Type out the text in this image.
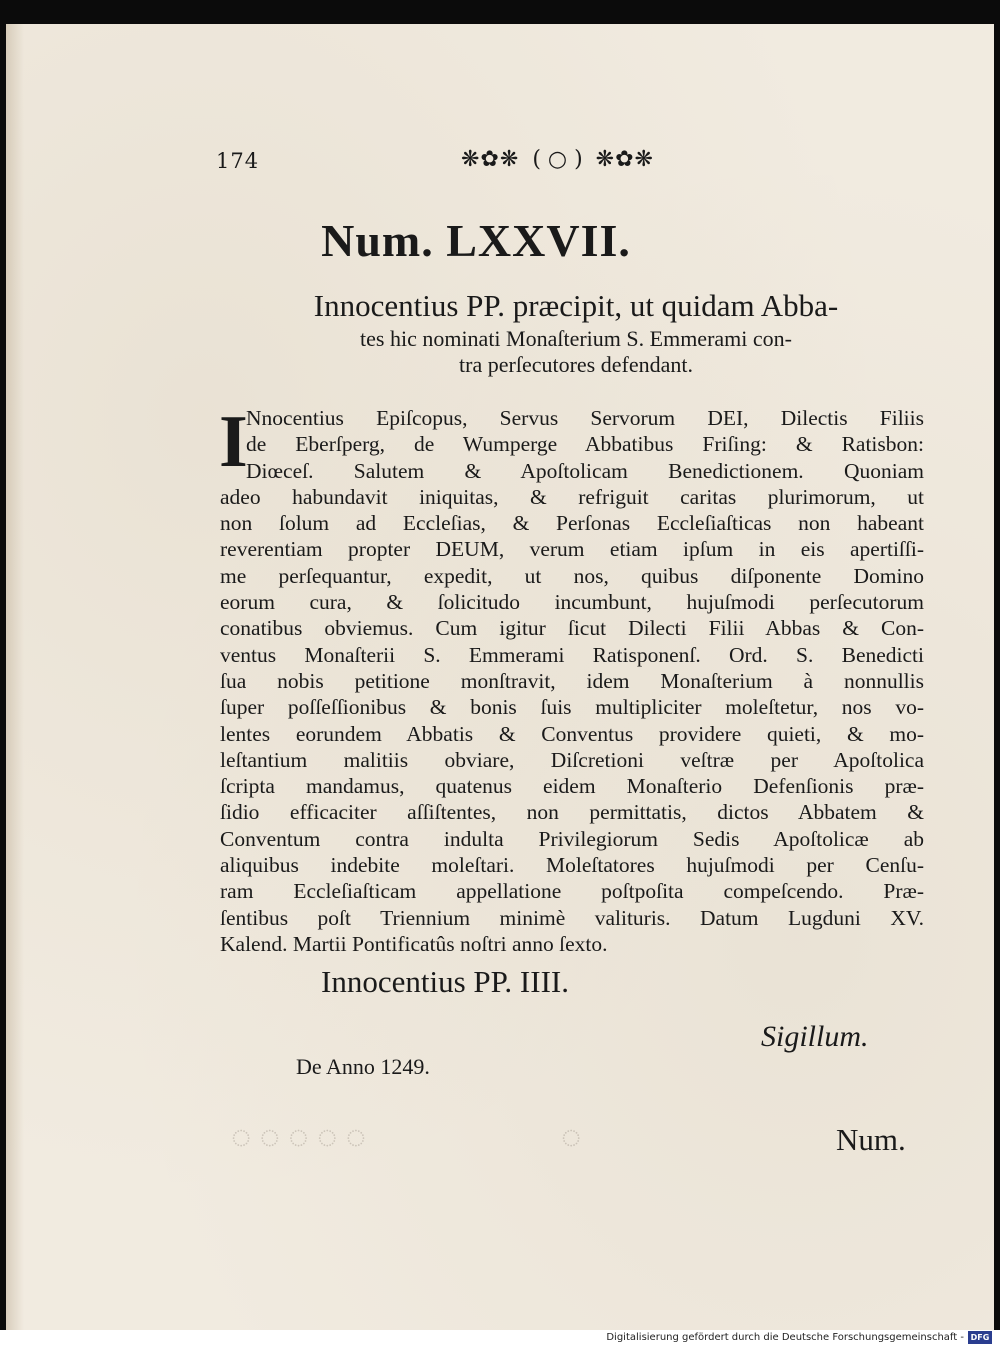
◌ ◌ ◌ ◌ ◌	◌
174	❋✿❋ ( ○ ) ❋✿❋
Num. LXXVII.
Innocentius PP. præcipit, ut quidam Abba-
tes hic nominati Monaſterium S. Emmerami con-
tra perſecutores defendant.
I
Nnocentius Epiſcopus, Servus Servorum DEI, Dilectis Filiis
de Eberſperg, de Wumperge Abbatibus Friſing: & Ratisbon:
Diœceſ. Salutem & Apoſtolicam Benedictionem. Quoniam
adeo habundavit iniquitas, & refriguit caritas plurimorum, ut
non ſolum ad Eccleſias, & Perſonas Eccleſiaſticas non habeant
reverentiam propter DEUM, verum etiam ipſum in eis apertiſſi-
me perſequantur, expedit, ut nos, quibus diſponente Domino
eorum cura, & ſolicitudo incumbunt, hujuſmodi perſecutorum
conatibus obviemus. Cum igitur ſicut Dilecti Filii Abbas & Con-
ventus Monaſterii S. Emmerami Ratisponenſ. Ord. S. Benedicti
ſua nobis petitione monſtravit, idem Monaſterium à nonnullis
ſuper poſſeſſionibus & bonis ſuis multipliciter moleſtetur, nos vo-
lentes eorundem Abbatis & Conventus providere quieti, & mo-
leſtantium malitiis obviare, Diſcretioni veſtræ per Apoſtolica
ſcripta mandamus, quatenus eidem Monaſterio Defenſionis præ-
ſidio efficaciter aſſiſtentes, non permittatis, dictos Abbatem &
Conventum contra indulta Privilegiorum Sedis Apoſtolicæ ab
aliquibus indebite moleſtari. Moleſtatores hujuſmodi per Cenſu-
ram Eccleſiaſticam appellatione poſtpoſita compeſcendo. Præ-
ſentibus poſt Triennium minimè valituris. Datum Lugduni XV.
Kalend. Martii Pontificatûs noſtri anno ſexto.
Innocentius PP. IIII.
Sigillum.
De Anno 1249.
Num.
Digitalisierung gefördert durch die Deutsche Forschungsgemeinschaft - DFG
